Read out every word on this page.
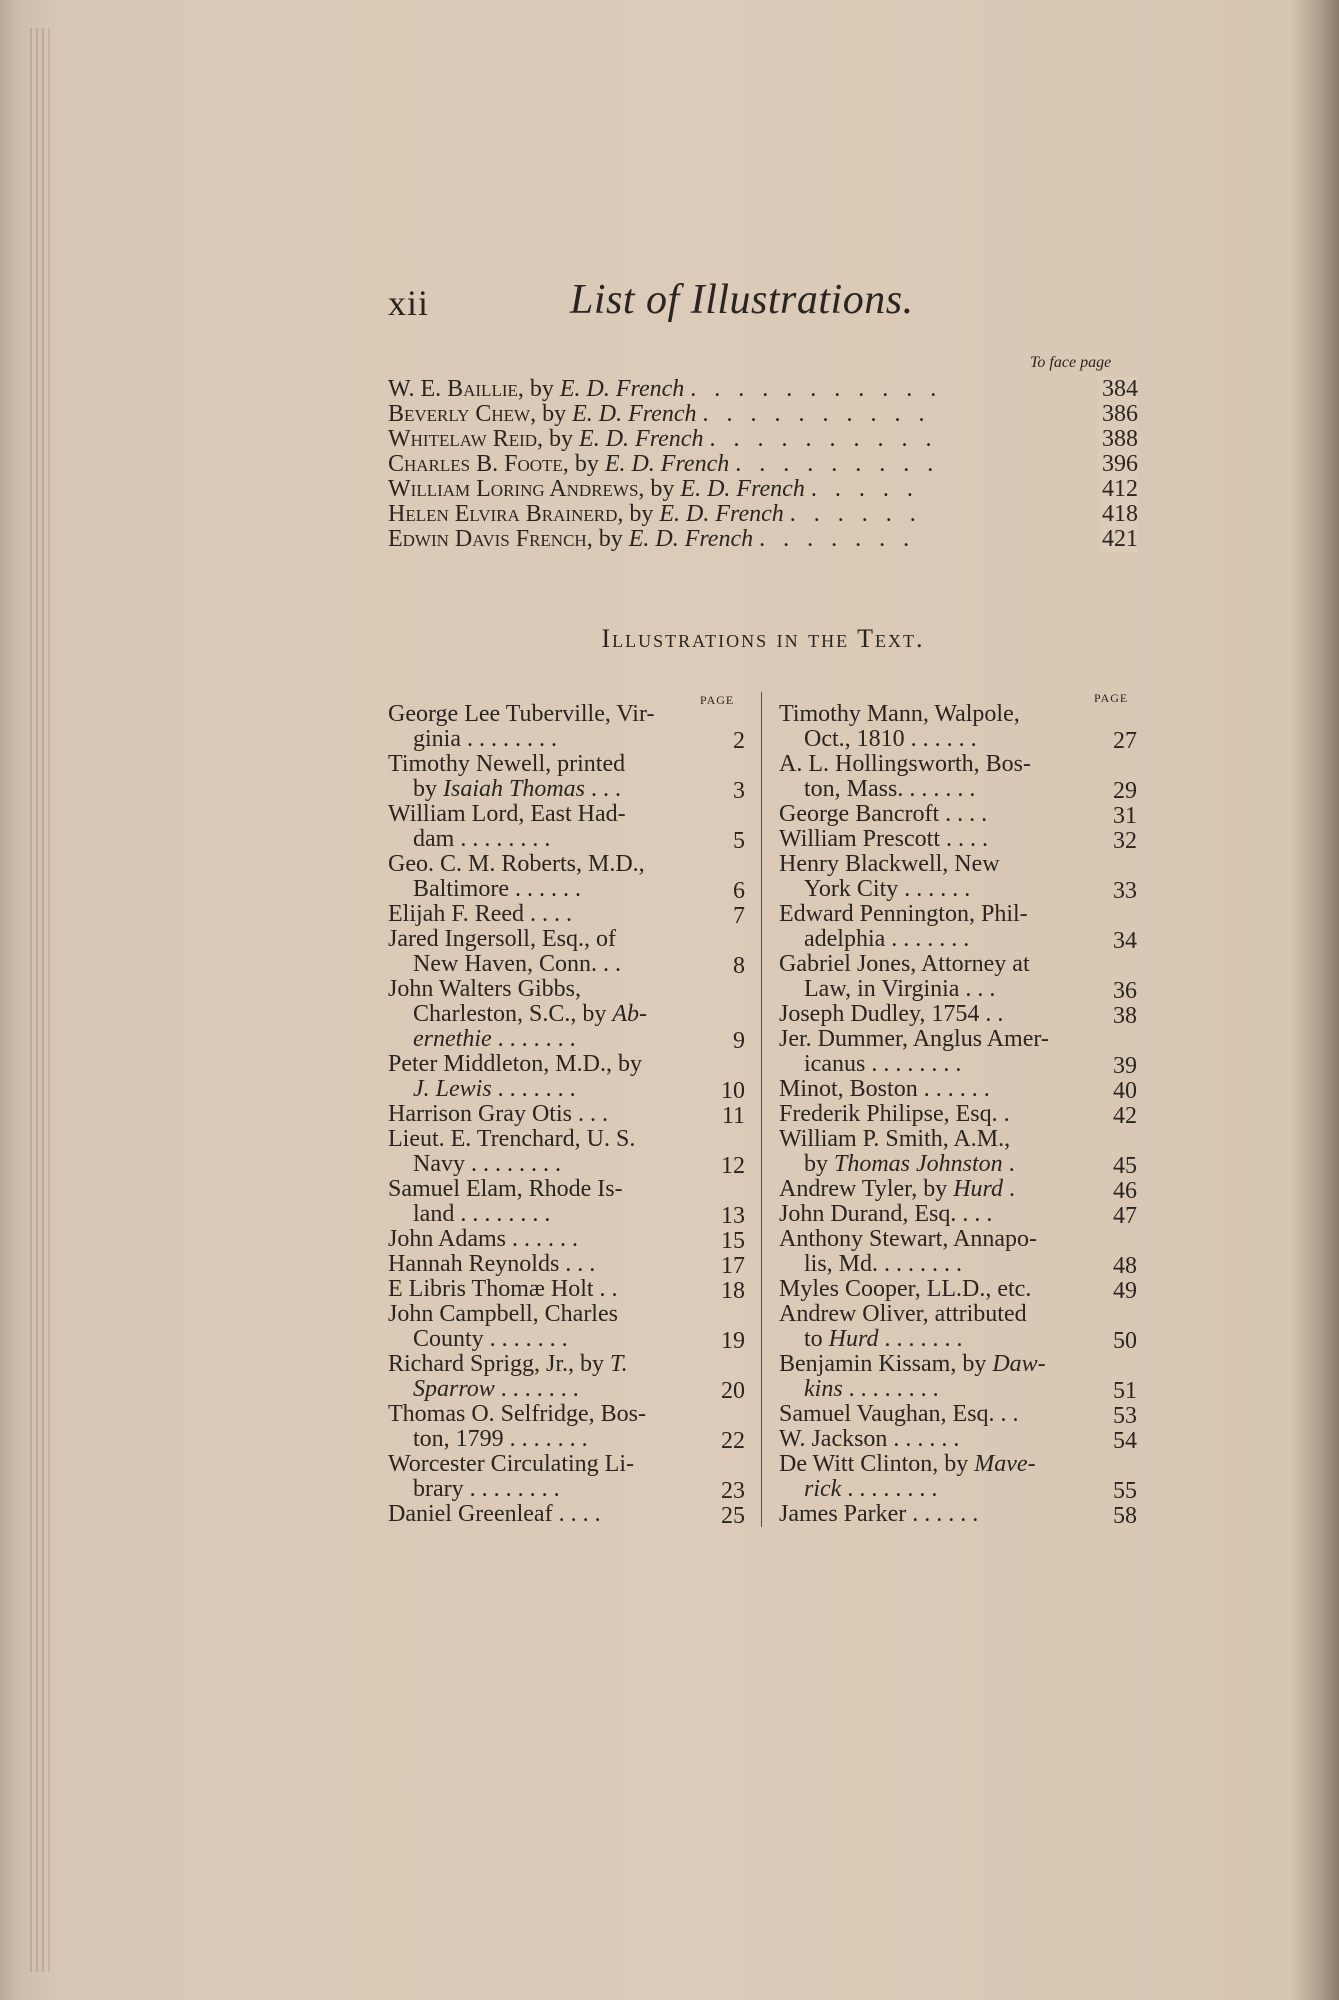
xii	List of Illustrations.
To face page
W. E. Baillie, by E. D. French . . . . . . . . . . .	384
Beverly Chew, by E. D. French . . . . . . . . . .	386
Whitelaw Reid, by E. D. French . . . . . . . . . .	388
Charles B. Foote, by E. D. French . . . . . . . . .	396
William Loring Andrews, by E. D. French . . . . .	412
Helen Elvira Brainerd, by E. D. French . . . . . .	418
Edwin Davis French, by E. D. French . . . . . . .	421
Illustrations in the Text.
PAGE	PAGE
George Lee Tuberville, Vir-
ginia . . . . . . . .	2
Timothy Newell, printed
by Isaiah Thomas . . .	3
William Lord, East Had-
dam . . . . . . . .	5
Geo. C. M. Roberts, M.D.,
Baltimore . . . . . .	6
Elijah F. Reed . . . .	7
Jared Ingersoll, Esq., of
New Haven, Conn. . .	8
John Walters Gibbs,
Charleston, S.C., by Ab-
ernethie . . . . . . .	9
Peter Middleton, M.D., by
J. Lewis . . . . . . .	10
Harrison Gray Otis . . .	11
Lieut. E. Trenchard, U. S.
Navy . . . . . . . .	12
Samuel Elam, Rhode Is-
land . . . . . . . .	13
John Adams . . . . . .	15
Hannah Reynolds . . .	17
E Libris Thomæ Holt . .	18
John Campbell, Charles
County . . . . . . .	19
Richard Sprigg, Jr., by T.
Sparrow . . . . . . .	20
Thomas O. Selfridge, Bos-
ton, 1799 . . . . . . .	22
Worcester Circulating Li-
brary . . . . . . . .	23
Daniel Greenleaf . . . .	25
Timothy Mann, Walpole,
Oct., 1810 . . . . . .	27
A. L. Hollingsworth, Bos-
ton, Mass. . . . . . .	29
George Bancroft . . . .	31
William Prescott . . . .	32
Henry Blackwell, New
York City . . . . . .	33
Edward Pennington, Phil-
adelphia . . . . . . .	34
Gabriel Jones, Attorney at
Law, in Virginia . . .	36
Joseph Dudley, 1754 . .	38
Jer. Dummer, Anglus Amer-
icanus . . . . . . . .	39
Minot, Boston . . . . . .	40
Frederik Philipse, Esq. .	42
William P. Smith, A.M.,
by Thomas Johnston .	45
Andrew Tyler, by Hurd .	46
John Durand, Esq. . . .	47
Anthony Stewart, Annapo-
lis, Md. . . . . . . .	48
Myles Cooper, LL.D., etc.	49
Andrew Oliver, attributed
to Hurd . . . . . . .	50
Benjamin Kissam, by Daw-
kins . . . . . . . .	51
Samuel Vaughan, Esq. . .	53
W. Jackson . . . . . .	54
De Witt Clinton, by Mave-
rick . . . . . . . .	55
James Parker . . . . . .	58
